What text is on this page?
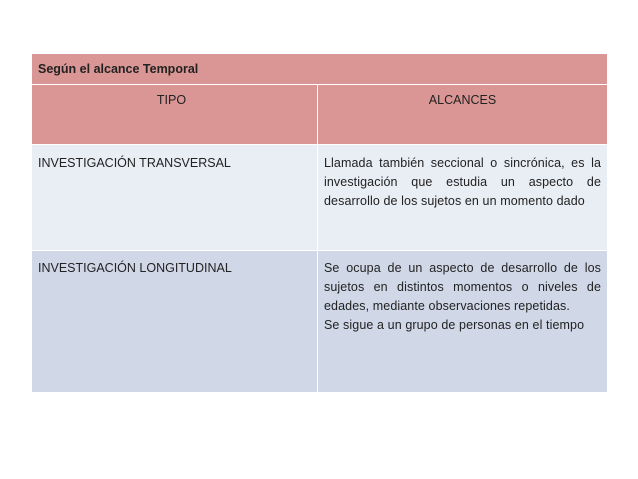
Según el alcance Temporal	
TIPO	ALCANCES
INVESTIGACIÓN TRANSVERSAL	Llamada también seccional o sincrónica, es la investigación que estudia un aspecto de desarrollo de los sujetos en un momento dado

INVESTIGACIÓN LONGITUDINAL	Se ocupa de un aspecto de desarrollo de los sujetos en distintos momentos o niveles de edades, mediante observaciones repetidas.

Se sigue a un grupo de personas en el tiempo
